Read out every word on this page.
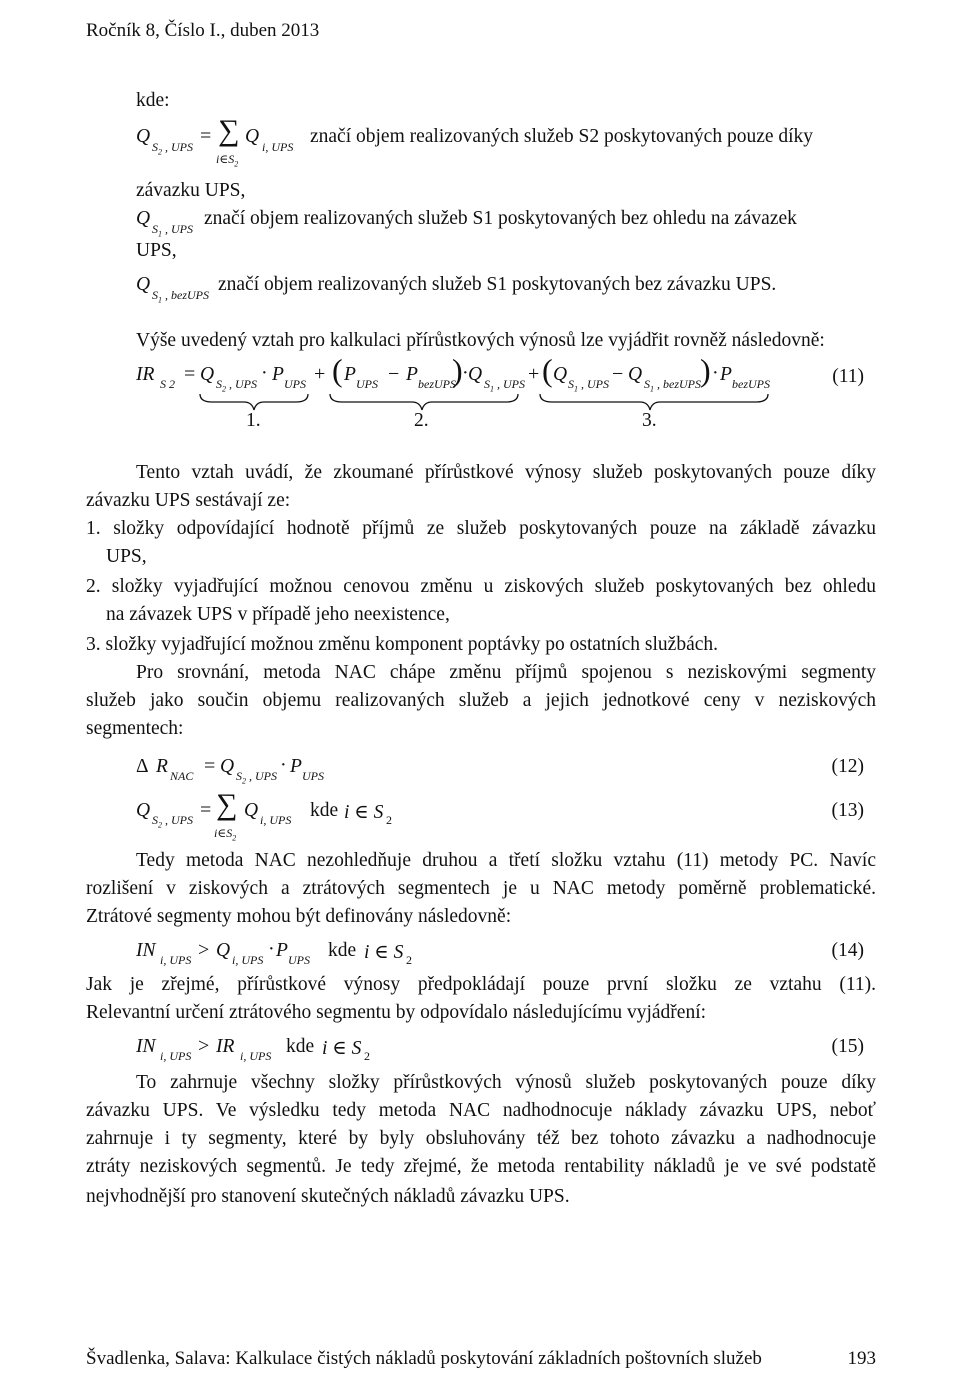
Ročník 8, Číslo I., duben 2013
kde:
Q $S_2$ , UPS = ∑ Q i, UPS
$i\in S_2$
značí objem realizovaných služeb S2 poskytovaných pouze díky
závazku UPS,
Q $S_1$ , UPS značí objem realizovaných služeb S1 poskytovaných bez ohledu na závazek
UPS,
Q $S_1$ , bezUPS značí objem realizovaných služeb S1 poskytovaných bez závazku UPS.
Výše uvedený vztah pro kalkulaci přírůstkových výnosů lze vyjádřit rovněž následovně:
IR S 2 = Q $S_2$ , UPS · P UPS + ( P UPS − P bezUPS
) · Q $S_1$ , UPS + ( Q $S_1$ , UPS − Q $S_1$ , bezUPS ) · P bezUPS
1.	2.	3.
(11)
Tento vztah uvádí, že zkoumané přírůstkové výnosy služeb poskytovaných pouze díky
závazku UPS sestávají ze:
1. složky odpovídající hodnotě příjmů ze služeb poskytovaných pouze na základě závazku
UPS,
2. složky vyjadřující možnou cenovou změnu u ziskových služeb poskytovaných bez ohledu
na závazek UPS v případě jeho neexistence,
3. složky vyjadřující možnou změnu komponent poptávky po ostatních službách.
Pro srovnání, metoda NAC chápe změnu příjmů spojenou s neziskovými segmenty
služeb jako součin objemu realizovaných služeb a jejich jednotkové ceny v neziskových
segmentech:
Δ R NAC = Q $S_2$ , UPS · P UPS	(12)
Q $S_2$ , UPS = ∑ Q i, UPS
$i\in S_2$
kde i ∈ S 2	(13)
Tedy metoda NAC nezohledňuje druhou a třetí složku vztahu (11) metody PC. Navíc
rozlišení v ziskových a ztrátových segmentech je u NAC metody poměrně problematické.
Ztrátové segmenty mohou být definovány následovně:
IN i, UPS > Q i, UPS · P UPS kde i ∈ S 2	(14)
Jak je zřejmé, přírůstkové výnosy předpokládají pouze první složku ze vztahu (11).
Relevantní určení ztrátového segmentu by odpovídalo následujícímu vyjádření:
IN i, UPS > IR i, UPS kde i ∈ S 2	(15)
To zahrnuje všechny složky přírůstkových výnosů služeb poskytovaných pouze díky
závazku UPS. Ve výsledku tedy metoda NAC nadhodnocuje náklady závazku UPS, neboť
zahrnuje i ty segmenty, které by byly obsluhovány též bez tohoto závazku a nadhodnocuje
ztráty neziskových segmentů. Je tedy zřejmé, že metoda rentability nákladů je ve své podstatě
nejvhodnější pro stanovení skutečných nákladů závazku UPS.
Švadlenka, Salava: Kalkulace čistých nákladů poskytování základních poštovních služeb	193
